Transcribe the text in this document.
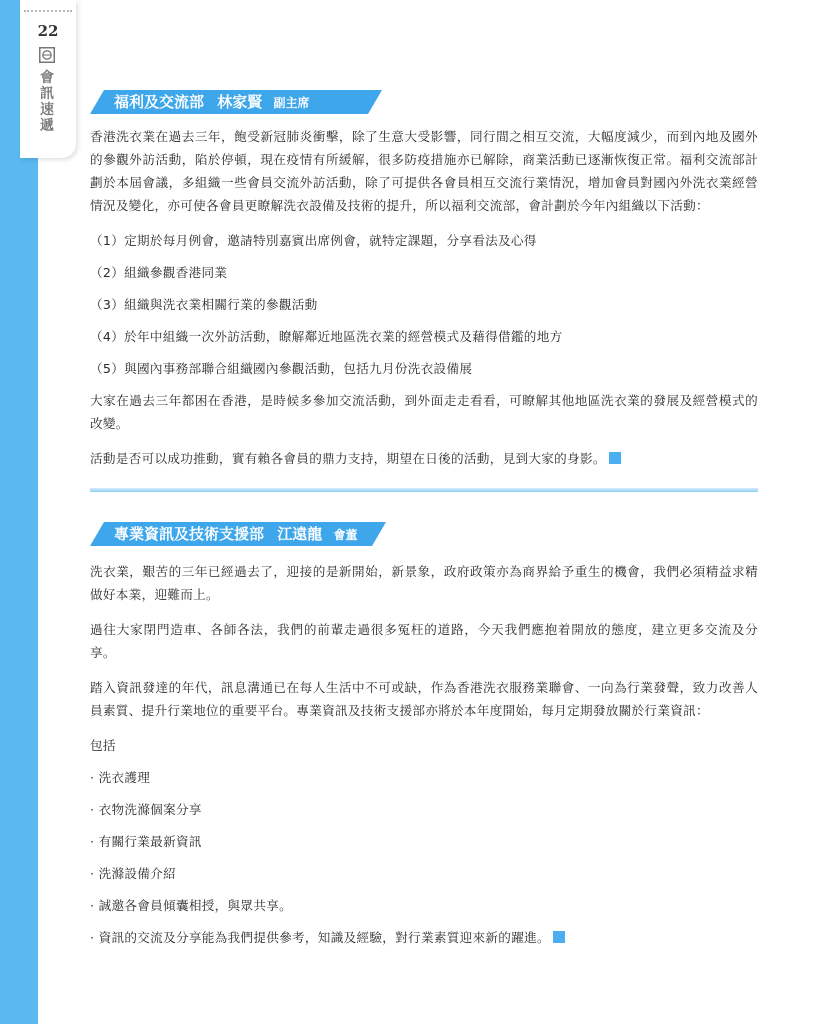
22
會
訊
速
遞
福利及交流部 林家賢 副主席

香港洗衣業在過去三年，飽受新冠肺炎衝擊，除了生意大受影響，同行間之相互交流，大幅度減少，而到內地及國外的參觀外訪活動，陷於停頓，現在疫情有所緩解，很多防疫措施亦已解除，商業活動已逐漸恢復正常。福利交流部計劃於本屆會議，多組織一些會員交流外訪活動，除了可提供各會員相互交流行業情況，增加會員對國內外洗衣業經營情況及變化，亦可使各會員更瞭解洗衣設備及技術的提升，所以福利交流部，會計劃於今年內組織以下活動：

（1）定期於每月例會，邀請特別嘉賓出席例會，就特定課題，分享看法及心得

（2）組織參觀香港同業

（3）組織與洗衣業相關行業的參觀活動

（4）於年中組織一次外訪活動，瞭解鄰近地區洗衣業的經營模式及藉得借鑑的地方

（5）與國內事務部聯合組織國內參觀活動，包括九月份洗衣設備展

大家在過去三年都困在香港，是時候多參加交流活動，到外面走走看看，可瞭解其他地區洗衣業的發展及經營模式的改變。

活動是否可以成功推動，實有賴各會員的鼎力支持，期望在日後的活動，見到大家的身影。

專業資訊及技術支援部 江遠龍 會董

洗衣業，艱苦的三年已經過去了，迎接的是新開始，新景象，政府政策亦為商界給予重生的機會，我們必須精益求精做好本業，迎難而上。

過往大家閉門造車、各師各法，我們的前輩走過很多冤枉的道路，今天我們應抱着開放的態度，建立更多交流及分享。

踏入資訊發達的年代，訊息溝通已在每人生活中不可或缺，作為香港洗衣服務業聯會、一向為行業發聲，致力改善人員素質、提升行業地位的重要平台。專業資訊及技術支援部亦將於本年度開始，每月定期發放關於行業資訊：

包括

· 洗衣護理

· 衣物洗滌個案分享

· 有關行業最新資訊

· 洗滌設備介紹

· 誠邀各會員傾囊相授，與眾共享。

· 資訊的交流及分享能為我們提供參考，知識及經驗，對行業素質迎來新的躍進。
